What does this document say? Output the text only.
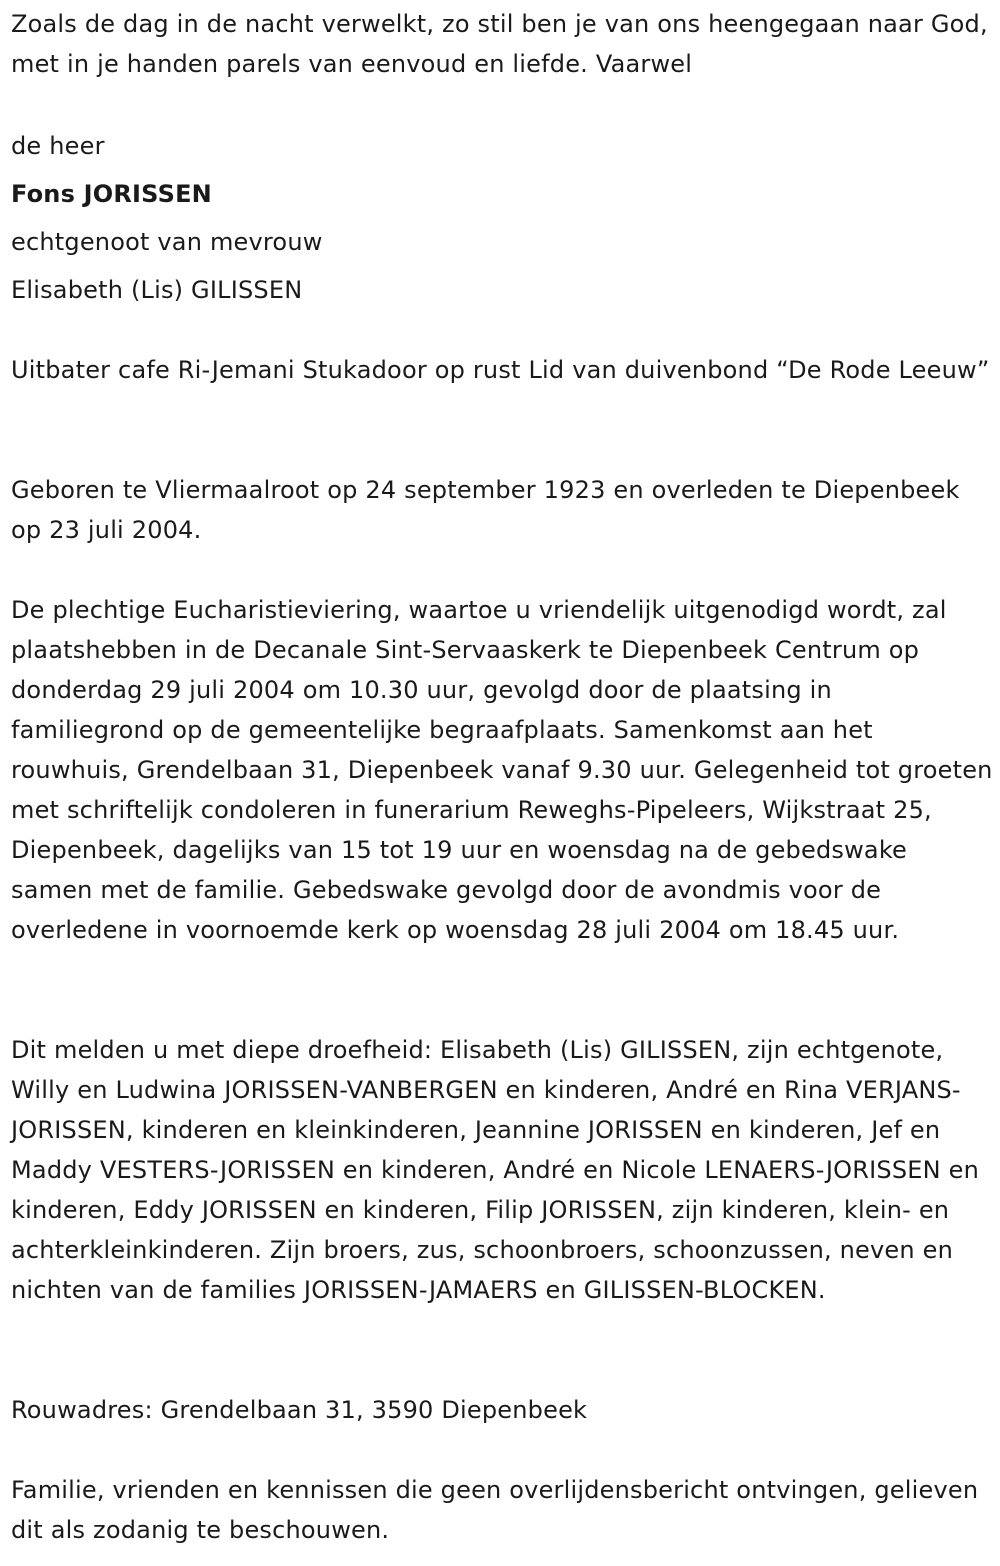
Zoals de dag in de nacht verwelkt, zo stil ben je van ons heengegaan naar God, met in je handen parels van eenvoud en liefde. Vaarwel

de heer

Fons JORISSEN

echtgenoot van mevrouw

Elisabeth (Lis) GILISSEN

Uitbater cafe Ri-Jemani Stukadoor op rust Lid van duivenbond “De Rode Leeuw”

Geboren te Vliermaalroot op 24 september 1923 en overleden te Diepenbeek op 23 juli 2004.

De plechtige Eucharistieviering, waartoe u vriendelijk uitgenodigd wordt, zal plaatshebben in de Decanale Sint-Servaaskerk te Diepenbeek Centrum op donderdag 29 juli 2004 om 10.30 uur, gevolgd door de plaatsing in familiegrond op de gemeentelijke begraafplaats. Samenkomst aan het rouwhuis, Grendelbaan 31, Diepenbeek vanaf 9.30 uur. Gelegenheid tot groeten met schriftelijk condoleren in funerarium Reweghs-Pipeleers, Wijkstraat 25, Diepenbeek, dagelijks van 15 tot 19 uur en woensdag na de gebedswake samen met de familie. Gebedswake gevolgd door de avondmis voor de overledene in voornoemde kerk op woensdag 28 juli 2004 om 18.45 uur.

Dit melden u met diepe droefheid: Elisabeth (Lis) GILISSEN, zijn echtgenote, Willy en Ludwina JORISSEN-VANBERGEN en kinderen, André en Rina VERJANS-JORISSEN, kinderen en kleinkinderen, Jeannine JORISSEN en kinderen, Jef en Maddy VESTERS-JORISSEN en kinderen, André en Nicole LENAERS-JORISSEN en kinderen, Eddy JORISSEN en kinderen, Filip JORISSEN, zijn kinderen, klein- en achterkleinkinderen. Zijn broers, zus, schoonbroers, schoonzussen, neven en nichten van de families JORISSEN-JAMAERS en GILISSEN-BLOCKEN.

Rouwadres: Grendelbaan 31, 3590 Diepenbeek

Familie, vrienden en kennissen die geen overlijdensbericht ontvingen, gelieven dit als zodanig te beschouwen.
